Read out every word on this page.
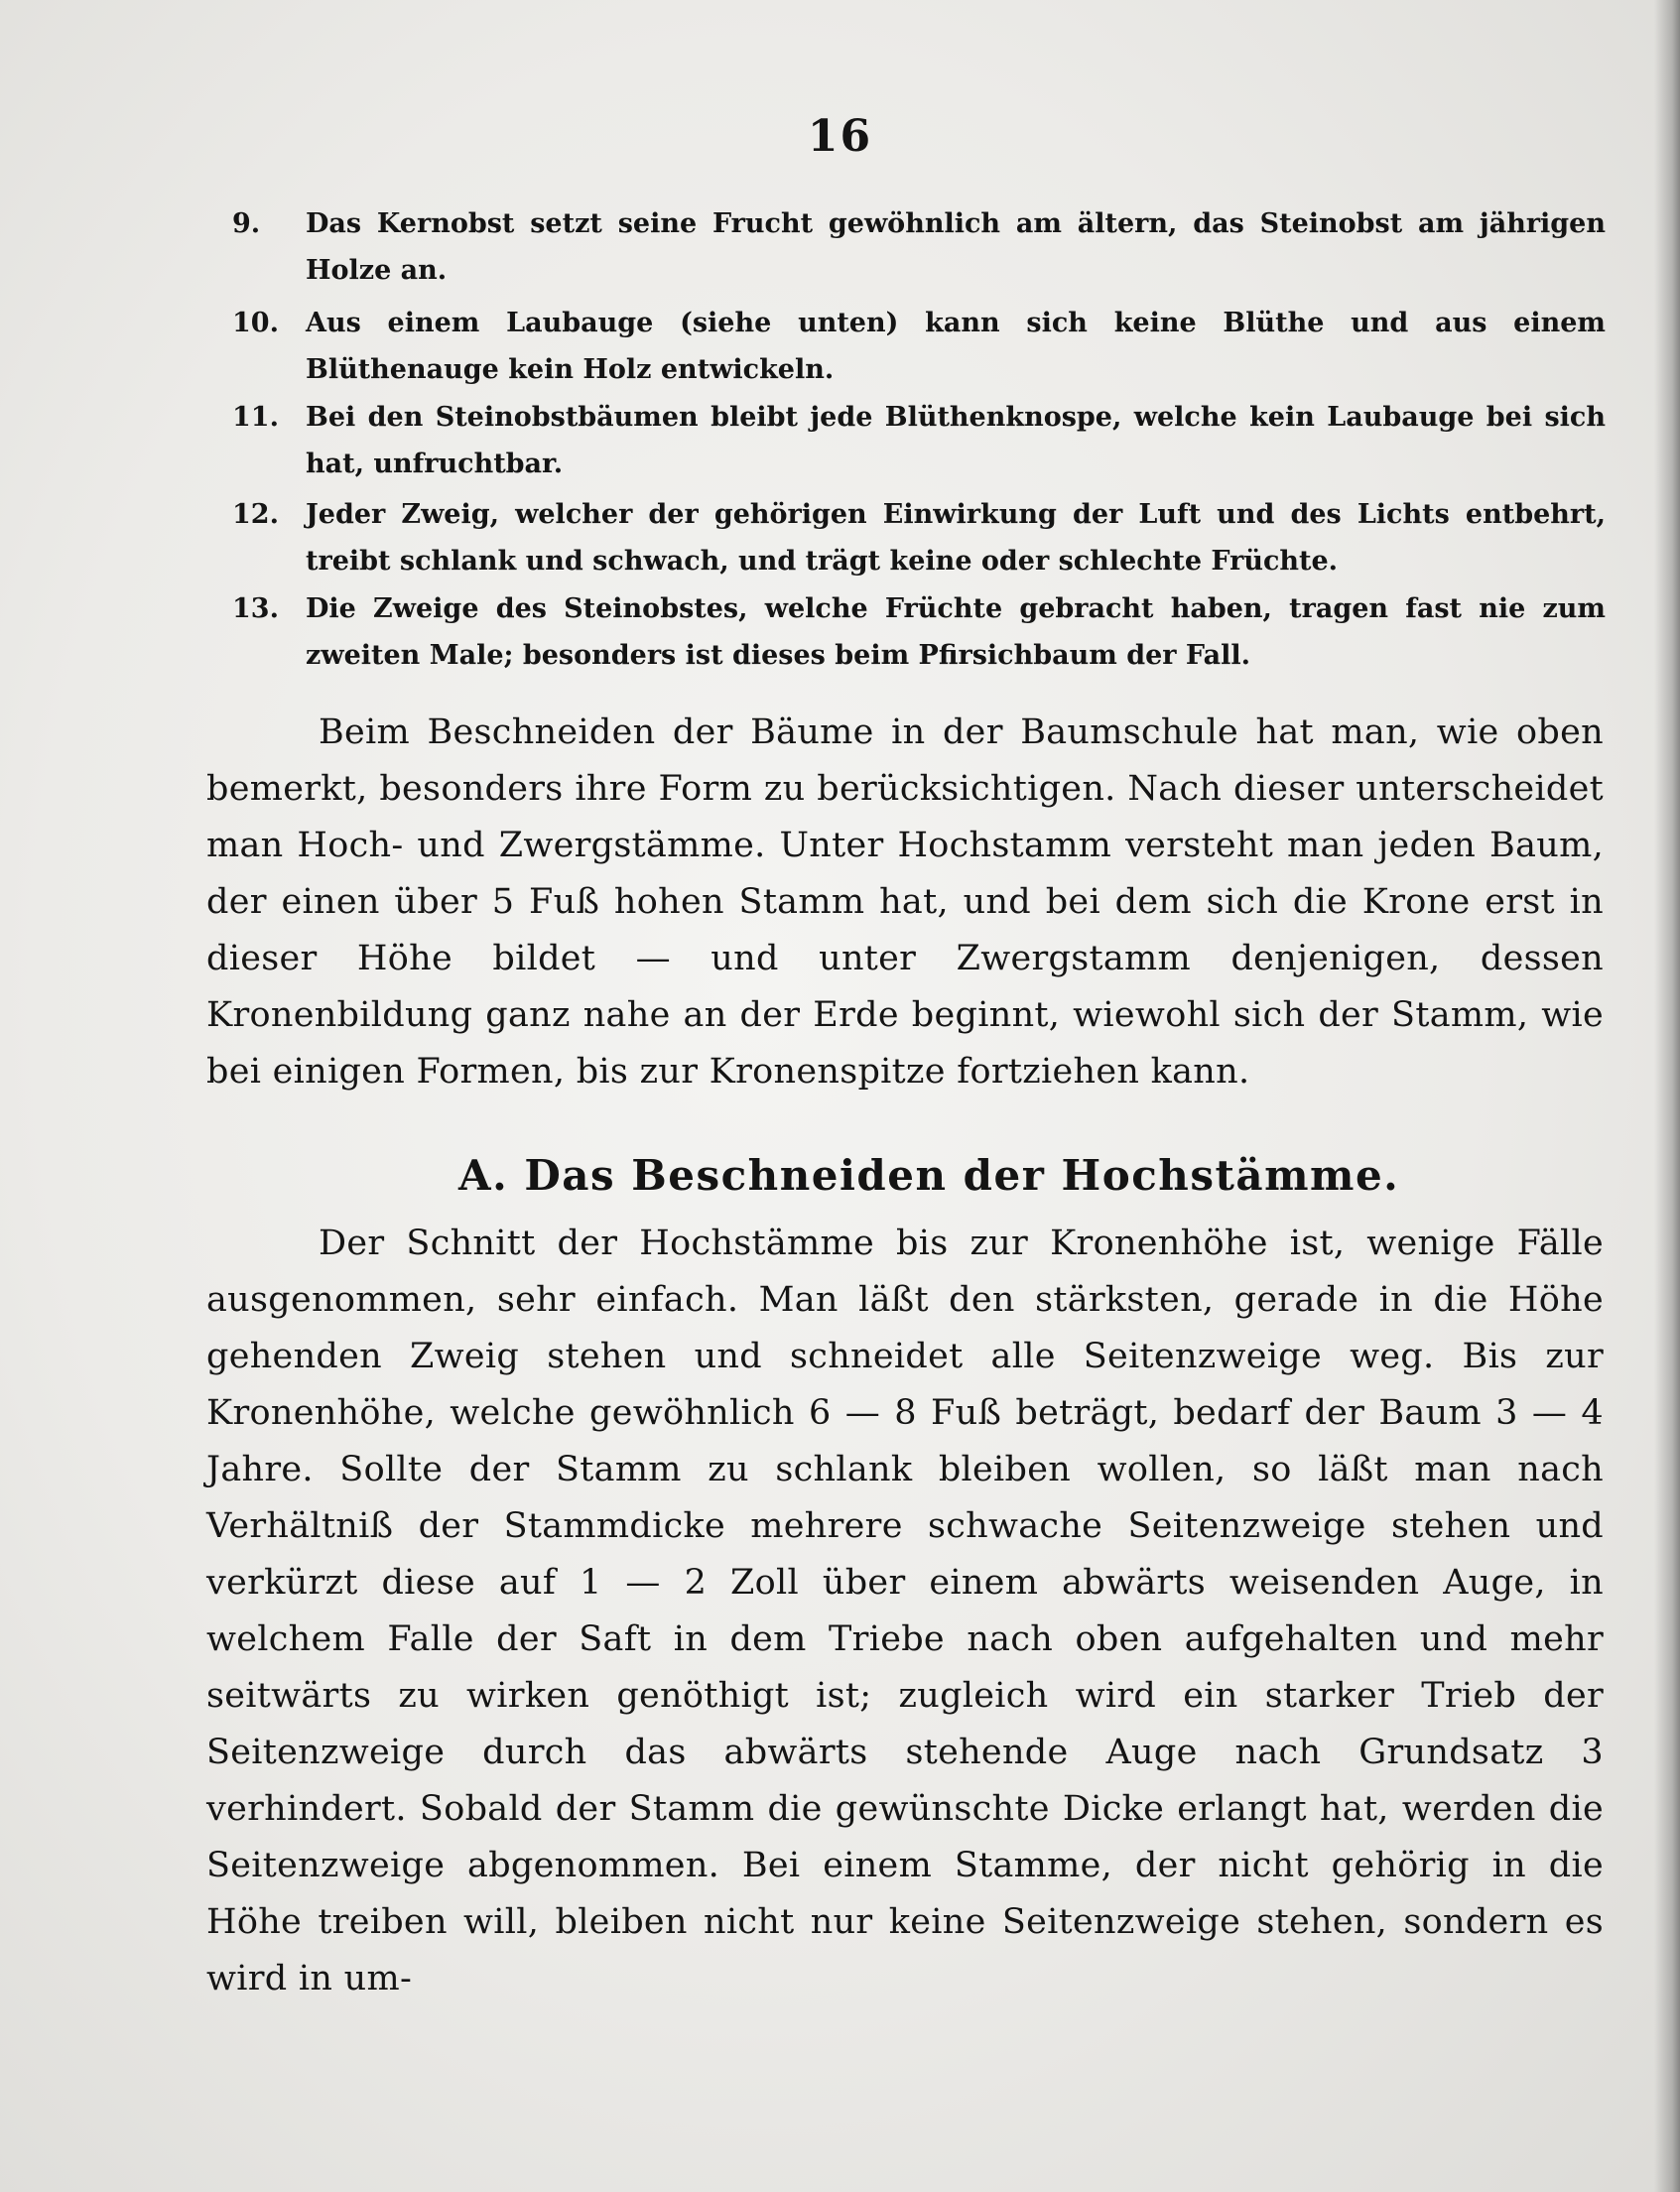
16
9.	Das Kernobst setzt seine Frucht gewöhnlich am ältern, das Steinobst am jährigen Holze an.
10.	Aus einem Laubauge (siehe unten) kann sich keine Blüthe und aus einem Blüthenauge kein Holz entwickeln.
11.	Bei den Steinobstbäumen bleibt jede Blüthenknospe, welche kein Laubauge bei sich hat, unfruchtbar.
12.	Jeder Zweig, welcher der gehörigen Einwirkung der Luft und des Lichts entbehrt, treibt schlank und schwach, und trägt keine oder schlechte Früchte.
13.	Die Zweige des Steinobstes, welche Früchte gebracht haben, tragen fast nie zum zweiten Male; besonders ist dieses beim Pfirsichbaum der Fall.
Beim Beschneiden der Bäume in der Baumschule hat man, wie oben bemerkt, besonders ihre Form zu berücksichtigen. Nach dieser unterscheidet man Hoch- und Zwergstämme. Unter Hochstamm versteht man jeden Baum, der einen über 5 Fuß hohen Stamm hat, und bei dem sich die Krone erst in dieser Höhe bildet — und unter Zwergstamm denjenigen, dessen Kronenbildung ganz nahe an der Erde beginnt, wiewohl sich der Stamm, wie bei einigen Formen, bis zur Kronenspitze fortziehen kann.
A. Das Beschneiden der Hochstämme.
Der Schnitt der Hochstämme bis zur Kronenhöhe ist, wenige Fälle ausgenommen, sehr einfach. Man läßt den stärksten, gerade in die Höhe gehenden Zweig stehen und schneidet alle Seitenzweige weg. Bis zur Kronenhöhe, welche gewöhnlich 6 — 8 Fuß beträgt, bedarf der Baum 3 — 4 Jahre. Sollte der Stamm zu schlank bleiben wollen, so läßt man nach Verhältniß der Stammdicke mehrere schwache Seitenzweige stehen und verkürzt diese auf 1 — 2 Zoll über einem abwärts weisenden Auge, in welchem Falle der Saft in dem Triebe nach oben aufgehalten und mehr seitwärts zu wirken genöthigt ist; zugleich wird ein starker Trieb der Seitenzweige durch das abwärts stehende Auge nach Grundsatz 3 verhindert. Sobald der Stamm die gewünschte Dicke erlangt hat, werden die Seitenzweige abgenommen. Bei einem Stamme, der nicht gehörig in die Höhe treiben will, bleiben nicht nur keine Seitenzweige stehen, sondern es wird in um-
